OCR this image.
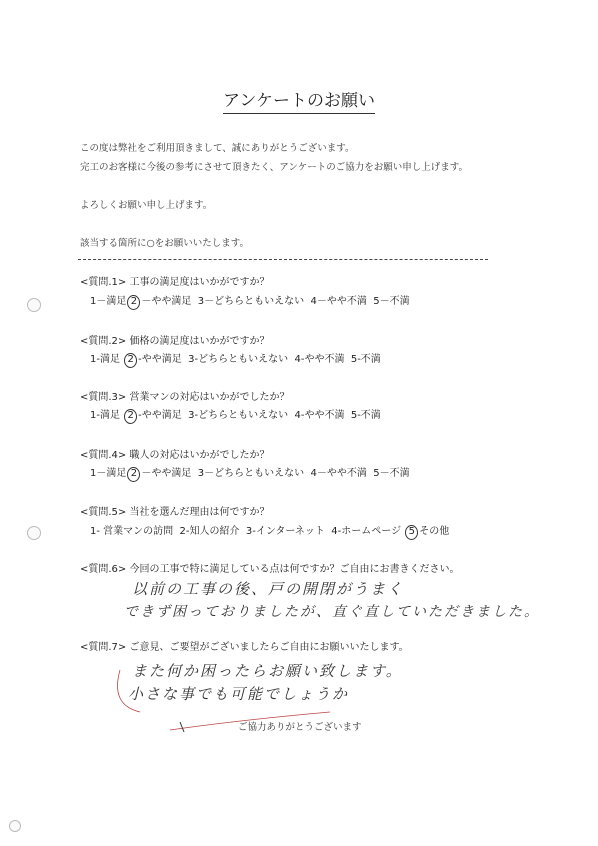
アンケートのお願い
この度は弊社をご利用頂きまして、誠にありがとうございます。
完工のお客様に今後の参考にさせて頂きたく、アンケートのご協力をお願い申し上げます。
よろしくお願い申し上げます。
該当する箇所に○をお願いいたします。
<質問.1> 工事の満足度はいかがですか？
1－満足 2 －やや満足 3－どちらともいえない 4－やや不満 5－不満
<質問.2> 価格の満足度はいかがですか？
1-満足 2 -やや満足 3-どちらともいえない 4-やや不満 5-不満
<質問.3> 営業マンの対応はいかがでしたか？
1-満足 2 -やや満足 3-どちらともいえない 4-やや不満 5-不満
<質問.4> 職人の対応はいかがでしたか？
1－満足 2 －やや満足 3－どちらともいえない 4－やや不満 5－不満
<質問.5> 当社を選んだ理由は何ですか？
1- 営業マンの訪問 2-知人の紹介 3-インターネット 4-ホームページ 5 その他
<質問.6> 今回の工事で特に満足している点は何ですか？ご自由にお書きください。
以前の工事の後、戸の開閉がうまく
できず困っておりましたが、直ぐ直していただきました。
<質問.7> ご意見、ご要望がございましたらご自由にお願いいたします。
また何か困ったらお願い致します。
小さな事でも可能でしょうか
ご協力ありがとうございます
